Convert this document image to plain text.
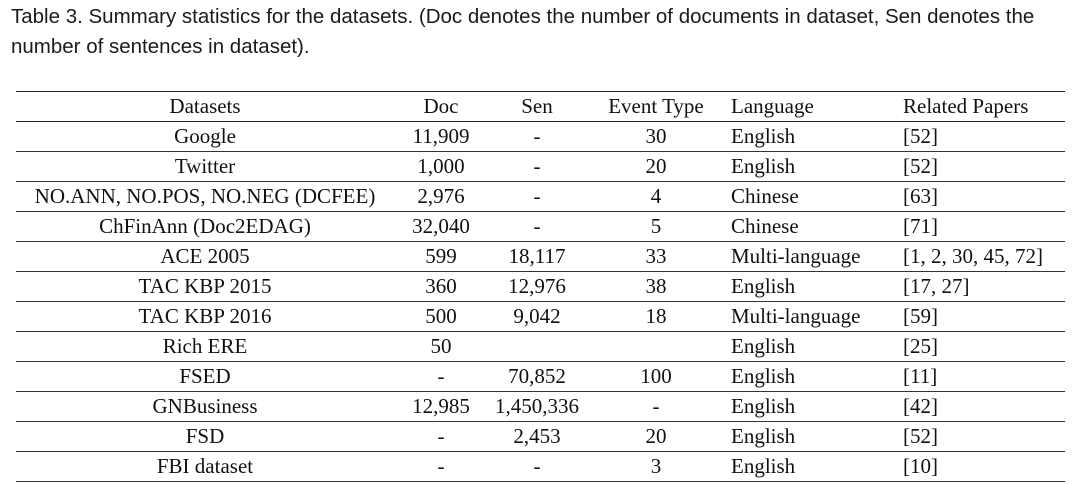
Table 3. Summary statistics for the datasets. (Doc denotes the number of documents in dataset, Sen denotes the number of sentences in dataset).
Datasets	Doc	Sen	Event Type	Language	Related Papers
Google	11,909	-	30	English	[52]
Twitter	1,000	-	20	English	[52]
NO.ANN, NO.POS, NO.NEG (DCFEE)	2,976	-	4	Chinese	[63]
ChFinAnn (Doc2EDAG)	32,040	-	5	Chinese	[71]
ACE 2005	599	18,117	33	Multi-language	[1, 2, 30, 45, 72]
TAC KBP 2015	360	12,976	38	English	[17, 27]
TAC KBP 2016	500	9,042	18	Multi-language	[59]
Rich ERE	50			English	[25]
FSED	-	70,852	100	English	[11]
GNBusiness	12,985	1,450,336	-	English	[42]
FSD	-	2,453	20	English	[52]
FBI dataset	-	-	3	English	[10]
